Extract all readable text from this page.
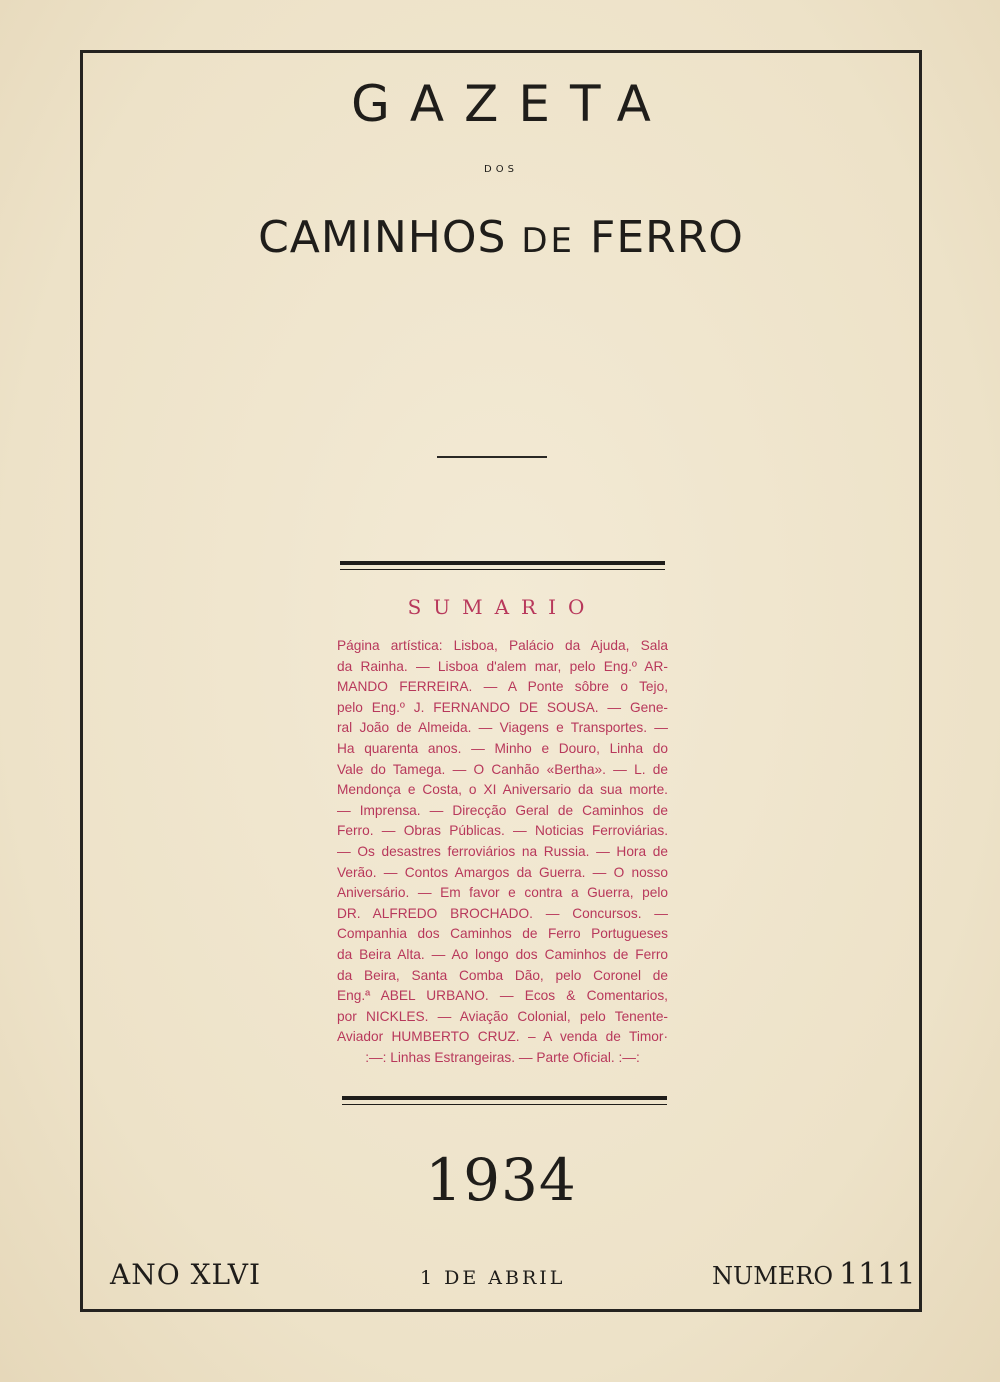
GAZETA
DOS
CAMINHOS DE FERRO
SUMARIO
Página artística: Lisboa, Palácio da Ajuda, Sala
da Rainha. — Lisboa d'alem mar, pelo Eng.º AR-
MANDO FERREIRA. — A Ponte sôbre o Tejo,
pelo Eng.º J. FERNANDO DE SOUSA. — Gene-
ral João de Almeida. — Viagens e Transportes. —
Ha quarenta anos. — Minho e Douro, Linha do
Vale do Tamega. — O Canhão «Bertha». — L. de
Mendonça e Costa, o XI Aniversario da sua morte.
— Imprensa. — Direcção Geral de Caminhos de
Ferro. — Obras Públicas. — Noticias Ferroviárias.
— Os desastres ferroviários na Russia. — Hora de
Verão. — Contos Amargos da Guerra. — O nosso
Aniversário. — Em favor e contra a Guerra, pelo
DR. ALFREDO BROCHADO. — Concursos. —
Companhia dos Caminhos de Ferro Portugueses
da Beira Alta. — Ao longo dos Caminhos de Ferro
da Beira, Santa Comba Dão, pelo Coronel de
Eng.ª ABEL URBANO. — Ecos & Comentarios,
por NICKLES. — Aviação Colonial, pelo Tenente-
Aviador HUMBERTO CRUZ. – A venda de Timor·
:—: Linhas Estrangeiras. — Parte Oficial. :—:
1934
ANO XLVI	1 DE ABRIL	NUMERO 1111
